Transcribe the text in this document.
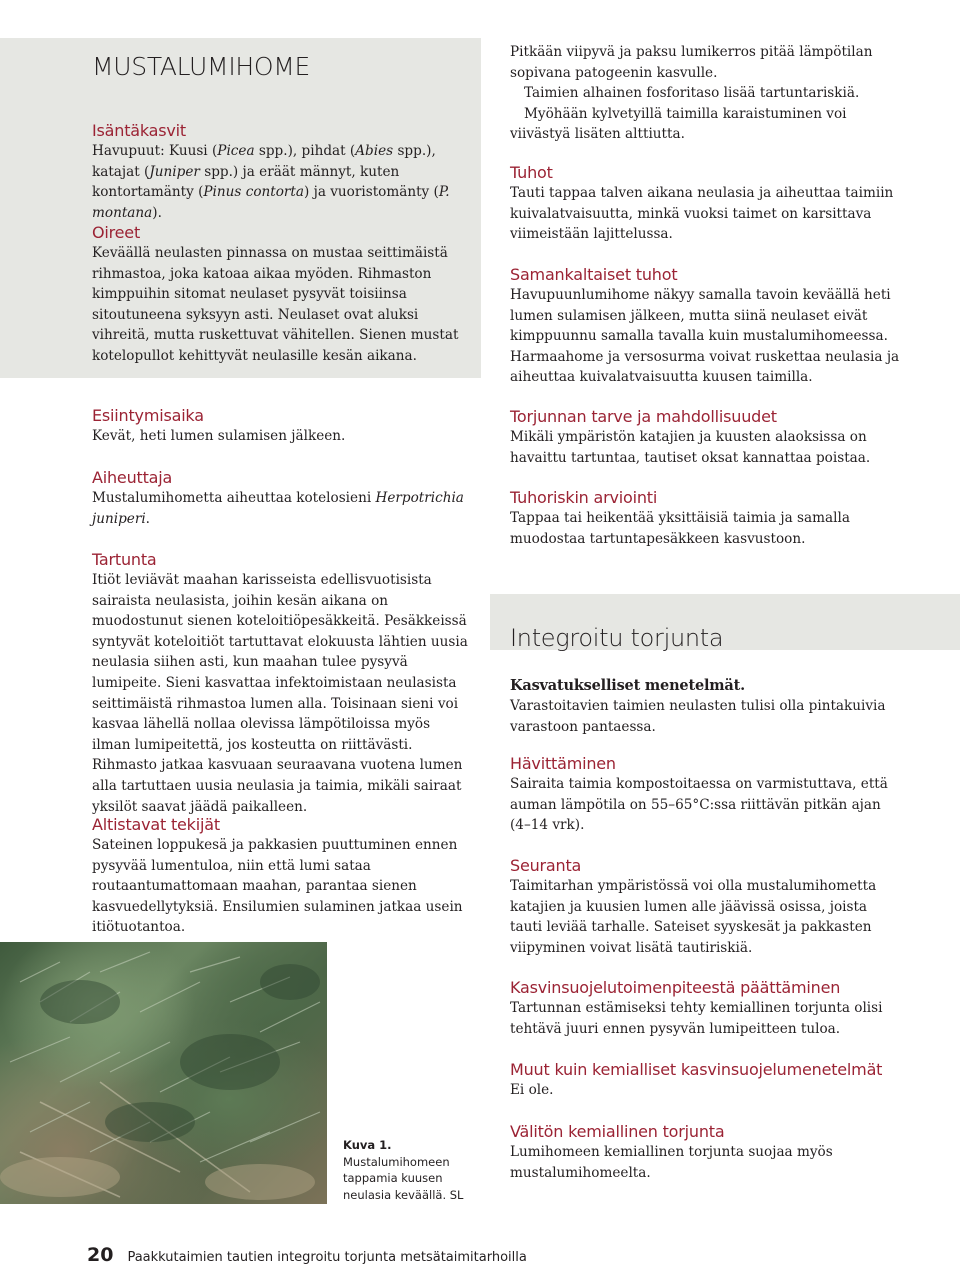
MUSTALUMIHOME
Isäntäkasvit

Havupuut: Kuusi (Picea spp.), pihdat (Abies spp.), katajat (Juniper spp.) ja eräät männyt, kuten kontortamänty (Pinus contorta) ja vuoristomänty (P. montana).

Oireet

Keväällä neulasten pinnassa on mustaa seittimäistä rihmastoa, joka katoaa aikaa myöden. Rihmaston kimppuihin sitomat neulaset pysyvät toisiinsa sitoutuneena syksyyn asti. Neulaset ovat aluksi vihreitä, mutta ruskettuvat vähitellen. Sienen mustat kotelopullot kehittyvät neulasille kesän aikana.

Esiintymisaika

Kevät, heti lumen sulamisen jälkeen.

Aiheuttaja

Mustalumihometta aiheuttaa kotelosieni Herpotrichia juniperi.

Tartunta

Itiöt leviävät maahan karisseista edellisvuotisista sairaista neulasista, joihin kesän aikana on muodostunut sienen koteloitiöpesäkkeitä. Pesäkkeissä syntyvät koteloitiöt tartuttavat elokuusta lähtien uusia neulasia siihen asti, kun maahan tulee pysyvä lumipeite. Sieni kasvattaa infektoimistaan neulasista seittimäistä rihmastoa lumen alla. Toisinaan sieni voi kasvaa lähellä nollaa olevissa lämpötiloissa myös ilman lumipeitettä, jos kosteutta on riittävästi. Rihmasto jatkaa kasvuaan seuraavana vuotena lumen alla tartuttaen uusia neulasia ja taimia, mikäli sairaat yksilöt saavat jäädä paikalleen.

Altistavat tekijät

Sateinen loppukesä ja pakkasien puuttuminen ennen pysyvää lumentuloa, niin että lumi sataa routaantumattomaan maahan, parantaa sienen kasvuedellytyksiä. Ensilumien sulaminen jatkaa usein itiötuotantoa.

Kuva 1. Mustalumihomeen tappamia kuusen neulasia keväällä. SL

Pitkään viipyvä ja paksu lumikerros pitää lämpötilan sopivana patogeenin kasvulle.

Taimien alhainen fosforitaso lisää tartuntariskiä.

Myöhään kylvetyillä taimilla karaistuminen voi viivästyä lisäten alttiutta.

Tuhot

Tauti tappaa talven aikana neulasia ja aiheuttaa taimiin kuivalatvaisuutta, minkä vuoksi taimet on karsittava viimeistään lajittelussa.

Samankaltaiset tuhot

Havupuunlumihome näkyy samalla tavoin keväällä heti lumen sulamisen jälkeen, mutta siinä neulaset eivät kimppuunnu samalla tavalla kuin mustalumihomeessa. Harmaahome ja versosurma voivat ruskettaa neulasia ja aiheuttaa kuivalatvaisuutta kuusen taimilla.

Torjunnan tarve ja mahdollisuudet

Mikäli ympäristön katajien ja kuusten alaoksissa on havaittu tartuntaa, tautiset oksat kannattaa poistaa.

Tuhoriskin arviointi

Tappaa tai heikentää yksittäisiä taimia ja samalla muodostaa tartuntapesäkkeen kasvustoon.

Integroitu torjunta
Kasvatukselliset menetelmät.

Varastoitavien taimien neulasten tulisi olla pintakuivia varastoon pantaessa.

Hävittäminen

Sairaita taimia kompostoitaessa on varmistuttava, että auman lämpötila on 55–65°C:ssa riittävän pitkän ajan (4–14 vrk).

Seuranta

Taimitarhan ympäristössä voi olla mustalumihometta katajien ja kuusien lumen alle jäävissä osissa, joista tauti leviää tarhalle. Sateiset syyskesät ja pakkasten viipyminen voivat lisätä tautiriskiä.

Kasvinsuojelutoimenpiteestä päättäminen

Tartunnan estämiseksi tehty kemiallinen torjunta olisi tehtävä juuri ennen pysyvän lumipeitteen tuloa.

Muut kuin kemialliset kasvinsuojelumenetelmät

Ei ole.

Välitön kemiallinen torjunta

Lumihomeen kemiallinen torjunta suojaa myös mustalumihomeelta.

20 Paakkutaimien tautien integroitu torjunta metsätaimitarhoilla
